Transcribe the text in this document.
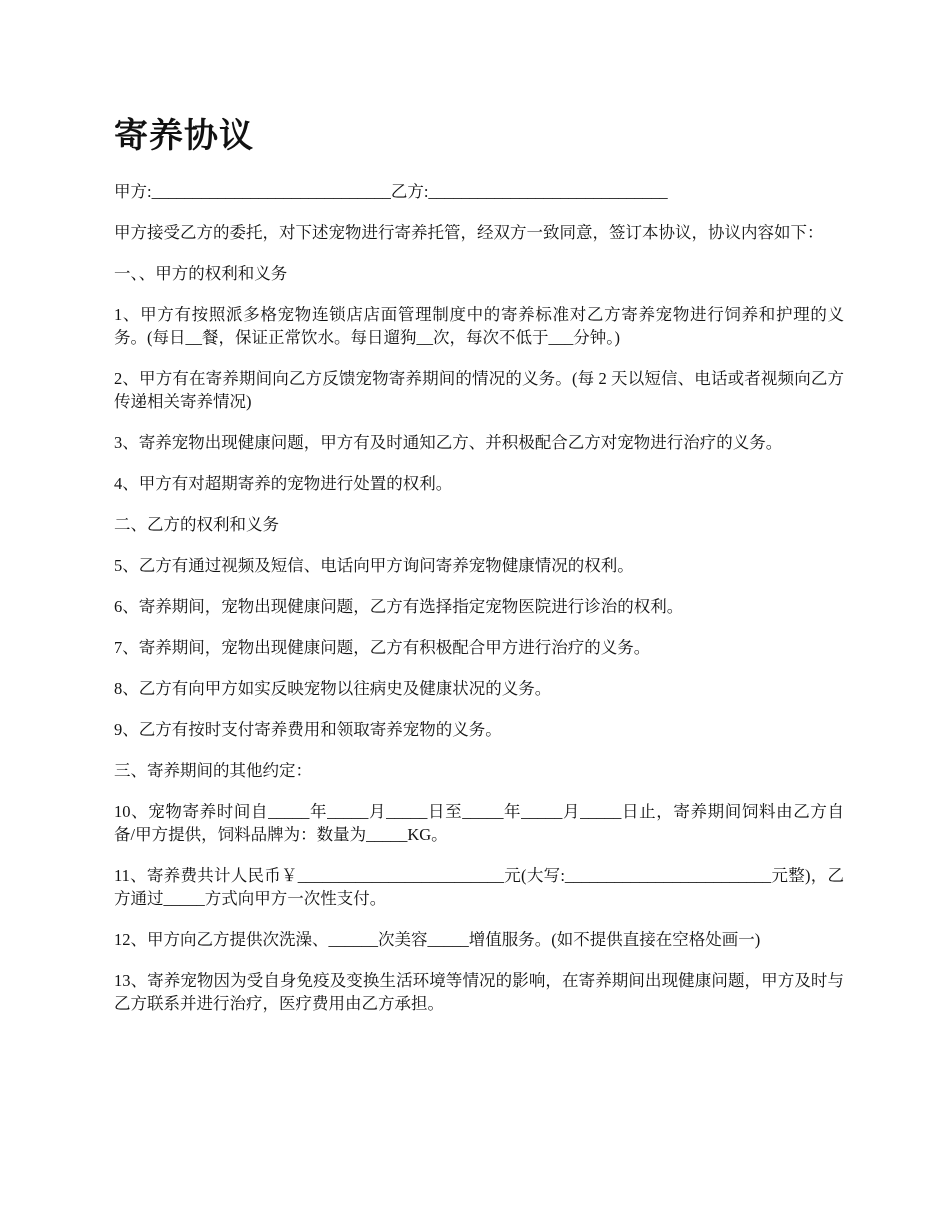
寄养协议

甲方:_____________________________乙方:_____________________________

甲方接受乙方的委托，对下述宠物进行寄养托管，经双方一致同意，签订本协议，协议内容如下：

一、、甲方的权利和义务

1、甲方有按照派多格宠物连锁店店面管理制度中的寄养标准对乙方寄养宠物进行饲养和护理的义务。(每日__餐，保证正常饮水。每日遛狗__次，每次不低于___分钟。)

2、甲方有在寄养期间向乙方反馈宠物寄养期间的情况的义务。(每 2 天以短信、电话或者视频向乙方传递相关寄养情况)

3、寄养宠物出现健康问题，甲方有及时通知乙方、并积极配合乙方对宠物进行治疗的义务。

4、甲方有对超期寄养的宠物进行处置的权利。

二、乙方的权利和义务

5、乙方有通过视频及短信、电话向甲方询问寄养宠物健康情况的权利。

6、寄养期间，宠物出现健康问题，乙方有选择指定宠物医院进行诊治的权利。

7、寄养期间，宠物出现健康问题，乙方有积极配合甲方进行治疗的义务。

8、乙方有向甲方如实反映宠物以往病史及健康状况的义务。

9、乙方有按时支付寄养费用和领取寄养宠物的义务。

三、寄养期间的其他约定：

10、宠物寄养时间自_____年_____月_____日至_____年_____月_____日止，寄养期间饲料由乙方自备/甲方提供，饲料品牌为：数量为_____KG。

11、寄养费共计人民币￥_________________________元(大写:_________________________元整)，乙方通过_____方式向甲方一次性支付。

12、甲方向乙方提供次洗澡、______次美容_____增值服务。(如不提供直接在空格处画一)

13、寄养宠物因为受自身免疫及变换生活环境等情况的影响，在寄养期间出现健康问题，甲方及时与乙方联系并进行治疗，医疗费用由乙方承担。
